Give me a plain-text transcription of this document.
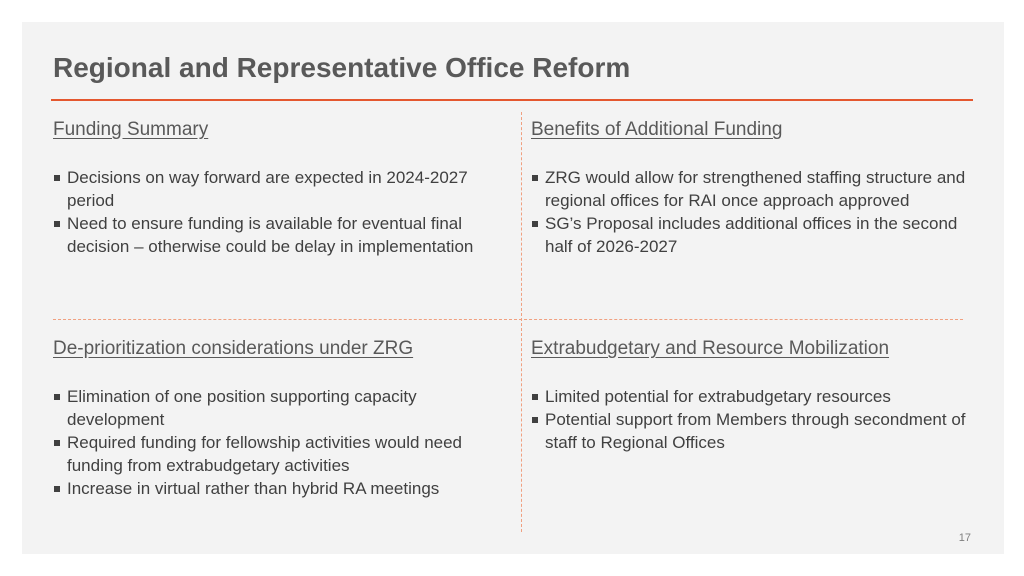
Regional and Representative Office Reform
Funding Summary
Decisions on way forward are expected in 2024-2027 period
Need to ensure funding is available for eventual final decision – otherwise could be delay in implementation
Benefits of Additional Funding
ZRG would allow for strengthened staffing structure and regional offices for RAI once approach approved
SG’s Proposal includes additional offices in the second half of 2026-2027
De-prioritization considerations under ZRG
Elimination of one position supporting capacity development
Required funding for fellowship activities would need funding from extrabudgetary activities
Increase in virtual rather than hybrid RA meetings
Extrabudgetary and Resource Mobilization
Limited potential for extrabudgetary resources
Potential support from Members through secondment of staff to Regional Offices
17
